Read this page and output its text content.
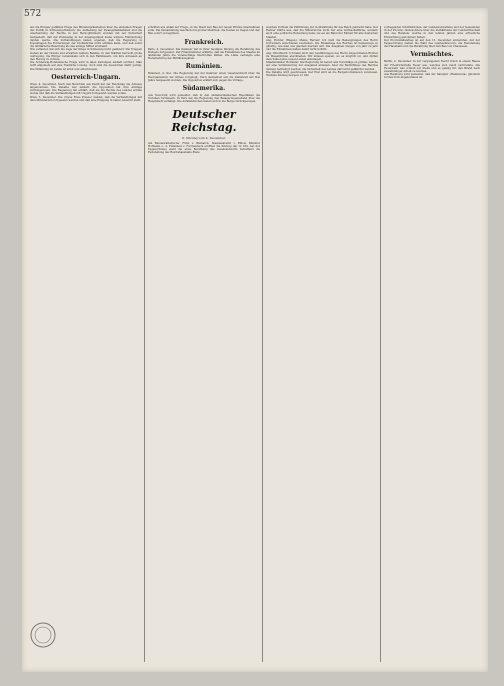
572

auf die Ehrgeiz gefüllten Frage des Ministerpräsidenten über die einzelnen Fragen der Politik in Schleswig-Holstein; die Aufhebung der Zwangsmaßnahmen und die Anerkennung der Rechte in den Herzogthümern wurden mit der Sicherheit festgestellt, daß der Bundestag in der Angelegenheit keine weitere Einmischung dulden werde. Die Verhandlungen haben ergeben, daß die Regierung in Kopenhagen die Forderungen der Großmächte nicht erfüllen kann, und daß somit die militärische Besetzung als das einzige Mittel erscheint.

Wie verlautet, hat sich die Lage der Dinge in Schleswig nicht geändert. Die Truppen stehen an der Grenze und erwarten weitere Befehle. In den Städten herrscht große Aufregung; die Bürger versammeln sich in den Rathäusern, um ihre Adressen an den Herzog zu richten.

Die Schleswig-Holsteinische Frage wird in allen Zeitungen lebhaft erörtert. Man hofft allgemein auf eine friedliche Lösung, doch sind die Aussichten dafür gering. Die Stimmung im Lande ist ernst und entschlossen.

Oesterreich-Ungarn.

Wien, 4. December. Nach den Berichten aus Pesth hat der Reichstag die Adresse angenommen. Die Debatte war lebhaft; die Opposition hat ihre Anträge zurückgezogen. Die Regierung hat erklärt, daß sie die Rechte des Landes achten werde und daß die Verhandlungen mit Ungarn fortgesetzt werden sollen.

Wien, 5. December. Die »Neue Freie Presse« meldet, daß die Verhandlungen mit dem Ministerium fortgesetzt werden und daß eine Einigung in naher Aussicht steht.

schriften aus Anlaß der Frage, ob die Stadt den Bau der neuen Brücke übernehmen solle. Die Versammlung beschloß mit großer Mehrheit, die Kosten zu tragen und den Bau sofort zu beginnen.

Frankreich.

Paris, 4. December. Die Kammer hat in ihrer heutigen Sitzung die Berathung des Budgets fortgesetzt. Der Finanzminister erklärte, daß die Einnahmen des Staates im laufenden Jahre die Voranschläge übertroffen hätten. Die Linke verlangte eine Herabsetzung der Militärausgaben.

Rumänien.

Bukarest, 4. Dec. Die Regierung hat der Kammer einen Gesetzentwurf über die Reorganisation der Armee vorgelegt. Nach demselben soll die Dienstzeit auf drei Jahre festgesetzt werden. Die Opposition erklärt sich gegen die Vorlage.

Südamerika.

Aus New-York wird gemeldet, daß in den südamerikanischen Republiken die Unruhen fortdauern. In Peru hat die Regierung den Belagerungszustand über die Hauptstadt verhängt. Die Aufständischen haben sich in die Berge zurückgezogen.

Deutscher Reichstag.
8. Sitzung vom 4. December.

Am Bundesrathstische: Fürst v. Bismarck, Staatssekretär v. Bülow, Minister Hofmann u. A. Präsident v. Forckenbeck eröffnet die Sitzung um 12 Uhr. Auf der Tagesordnung steht die erste Berathung des Gesetzentwurfs betreffend die Feststellung des Reichshaushalts-Etats.

welchen Vortheil die Einführung der Goldwährung für das Reich gebracht habe. Der Redner führte aus, daß die Münzreform nicht nur eine wirthschaftliche, sondern auch eine politische Bedeutung habe; sie sei ein Band der Einheit für alle deutschen Staaten.

Abg. Richter (Hagen): Meine Herren! Ich muß die Behauptungen des Herrn Vorredners entschieden bestreiten. Die Finanzlage des Reiches ist keineswegs so günstig, wie man uns glauben machen will. Die Ausgaben steigen von Jahr zu Jahr und die Einnahmen halten damit nicht Schritt.

Abg. Windthorst: Ich kann mich den Ausführungen des Herrn Abgeordneten Richter im Wesentlichen anschließen. Wir müssen sparen, wo es möglich ist, und dürfen dem Volke keine neuen Lasten auferlegen.

Staatsminister Hofmann: Die Regierung ist bereit, alle Vorschläge zu prüfen, welche auf eine Verminderung der Ausgaben abzielen. Aber die Bedürfnisse des Reiches müssen befriedigt werden; die Sicherheit des Landes darf nicht gefährdet werden.

Die Debatte wird geschlossen. Der Etat wird an die Budgetcommission verwiesen. Nächste Sitzung morgen 12 Uhr.

vorliegenden Schriftstücken, der Landesverwaltung und der Gemeinden in der Provinz, insbesondere über die Verhältnisse der Landwirthschaft und des Handels, welche in den letzten Jahren eine erfreuliche Entwicklung genommen haben.

Der Provinziallandtag ist auf den 15. December einberufen. Auf der Tagesordnung stehen die Wahl des Landesdirectors, die Feststellung des Haushalts und die Berathung über den Bau von Chausseen.

Vermischtes.

Berlin, 4. December. In der vergangenen Nacht brach in einem Hause der Friedrichstraße Feuer aus, welches sich rasch verbreitete. Die Feuerwehr war schnell zur Stelle und es gelang ihr, den Brand nach zweistündiger Arbeit zu löschen.

Aus Hamburg wird gemeldet, daß der Dampfer »Hammonia« glücklich in New-York angekommen ist.
